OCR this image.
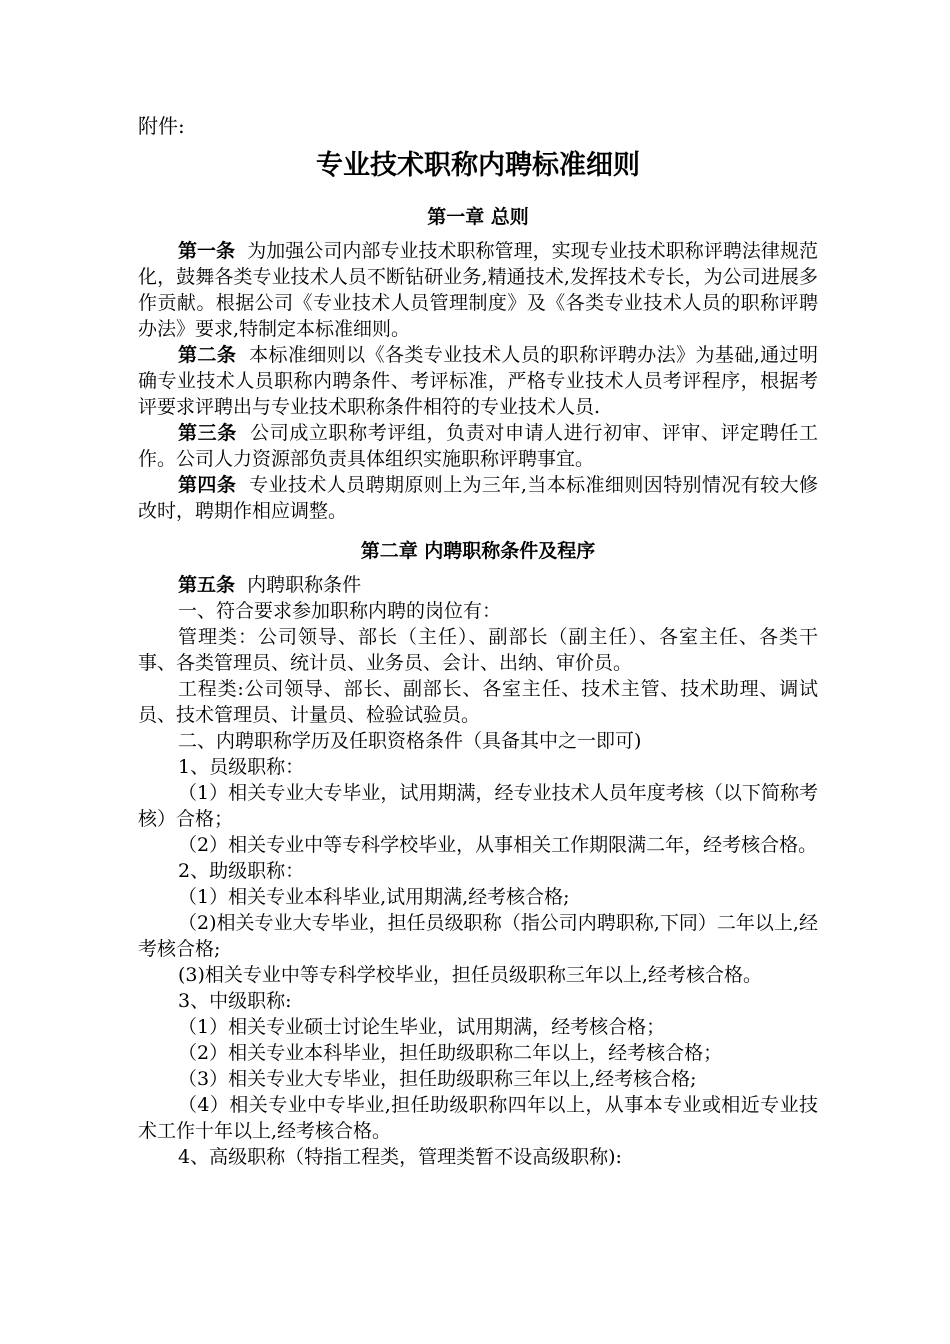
附件:
专业技术职称内聘标准细则
第一章 总则

第一条 为加强公司内部专业技术职称管理，实现专业技术职称评聘法律规范化，鼓舞各类专业技术人员不断钻研业务,精通技术,发挥技术专长，为公司进展多作贡献。根据公司《专业技术人员管理制度》及《各类专业技术人员的职称评聘办法》要求,特制定本标准细则。

第二条 本标准细则以《各类专业技术人员的职称评聘办法》为基础,通过明确专业技术人员职称内聘条件、考评标准，严格专业技术人员考评程序，根据考评要求评聘出与专业技术职称条件相符的专业技术人员.

第三条 公司成立职称考评组，负责对申请人进行初审、评审、评定聘任工作。公司人力资源部负责具体组织实施职称评聘事宜。

第四条 专业技术人员聘期原则上为三年,当本标准细则因特别情况有较大修改时，聘期作相应调整。

第二章 内聘职称条件及程序

第五条 内聘职称条件

一、符合要求参加职称内聘的岗位有：

管理类：公司领导、部长（主任）、副部长（副主任）、各室主任、各类干事、各类管理员、统计员、业务员、会计、出纳、审价员。

工程类:公司领导、部长、副部长、各室主任、技术主管、技术助理、调试员、技术管理员、计量员、检验试验员。

二、内聘职称学历及任职资格条件（具备其中之一即可)

1、员级职称：

（1）相关专业大专毕业，试用期满，经专业技术人员年度考核（以下简称考核）合格；

（2）相关专业中等专科学校毕业，从事相关工作期限满二年，经考核合格。

2、助级职称：

（1）相关专业本科毕业,试用期满,经考核合格;

（2)相关专业大专毕业，担任员级职称（指公司内聘职称,下同）二年以上,经考核合格;

(3)相关专业中等专科学校毕业，担任员级职称三年以上,经考核合格。

3、中级职称:

（1）相关专业硕士讨论生毕业，试用期满，经考核合格；

（2）相关专业本科毕业，担任助级职称二年以上，经考核合格；

（3）相关专业大专毕业，担任助级职称三年以上,经考核合格;

（4）相关专业中专毕业,担任助级职称四年以上，从事本专业或相近专业技术工作十年以上,经考核合格。

4、高级职称（特指工程类，管理类暂不设高级职称):
